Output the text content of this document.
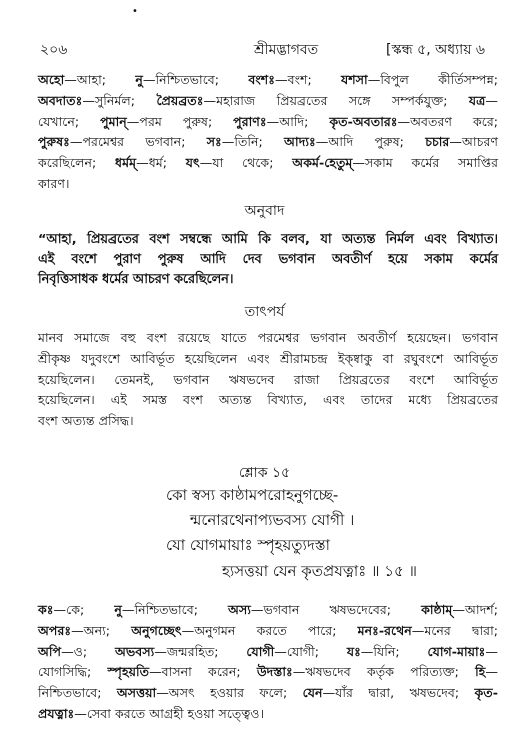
•
২০৬	শ্রীমদ্ভাগবত	[স্কন্ধ ৫, অধ্যায় ৬
অহো—আহা; নু—নিশ্চিতভাবে; বংশঃ—বংশ; যশসা—বিপুল কীর্তিসম্পন্ন;
অবদাতঃ—সুনির্মল; প্রৈয়ব্রতঃ—মহারাজ প্রিয়ব্রতের সঙ্গে সম্পর্কযুক্ত; যত্র—
যেখানে; পুমান্—পরম পুরুষ; পুরাণঃ—আদি; কৃত-অবতারঃ—অবতরণ করে;
পুরুষঃ—পরমেশ্বর ভগবান; সঃ—তিনি; আদ্যঃ—আদি পুরুষ; চচার—আচরণ
করেছিলেন; ধর্মম্—ধর্ম; যৎ—যা থেকে; অকর্ম-হেতুম্—সকাম কর্মের সমাপ্তির
কারণ।
অনুবাদ
“আহা, প্রিয়ব্রতের বংশ সম্বন্ধে আমি কি বলব, যা অত্যন্ত নির্মল এবং বিখ্যাত।
এই বংশে পুরাণ পুরুষ আদি দেব ভগবান অবতীর্ণ হয়ে সকাম কর্মের
নিবৃত্তিসাধক ধর্মের আচরণ করেছিলেন।
তাৎপর্য
মানব সমাজে বহু বংশ রয়েছে যাতে পরমেশ্বর ভগবান অবতীর্ণ হয়েছেন। ভগবান
শ্রীকৃষ্ণ যদুবংশে আবির্ভূত হয়েছিলেন এবং শ্রীরামচন্দ্র ইক্ষ্বাকু বা রঘুবংশে আবির্ভূত
হয়েছিলেন। তেমনই, ভগবান ঋষভদেব রাজা প্রিয়ব্রতের বংশে আবির্ভূত
হয়েছিলেন। এই সমস্ত বংশ অত্যন্ত বিখ্যাত, এবং তাদের মধ্যে প্রিয়ব্রতের
বংশ অত্যন্ত প্রসিদ্ধ।
শ্লোক ১৫
কো স্বস্য কাষ্ঠামপরোহনুগচ্ছে-
ন্মনোরথেনাপ্যভবস্য যোগী ।
যো যোগমায়াঃ স্পৃহয়ত্যুদস্তা
হ্যসত্তয়া যেন কৃতপ্রযত্নাঃ ॥ ১৫ ॥
কঃ—কে; নু—নিশ্চিতভাবে; অস্য—ভগবান ঋষভদেবের; কাষ্ঠাম্—আদর্শ;
অপরঃ—অন্য; অনুগচ্ছেৎ—অনুগমন করতে পারে; মনঃ-রথেন—মনের দ্বারা;
অপি—ও; অভবস্য—জন্মরহিত; যোগী—যোগী; যঃ—যিনি; যোগ-মায়াঃ—
যোগসিদ্ধি; স্পৃহয়তি—বাসনা করেন; উদস্তাঃ—ঋষভদেব কর্তৃক পরিত্যক্ত; হি—
নিশ্চিতভাবে; অসত্তয়া—অসৎ হওয়ার ফলে; যেন—যাঁর দ্বারা, ঋষভদেব; কৃত-
প্রযত্নাঃ—সেবা করতে আগ্রহী হওয়া সত্ত্বেও।
